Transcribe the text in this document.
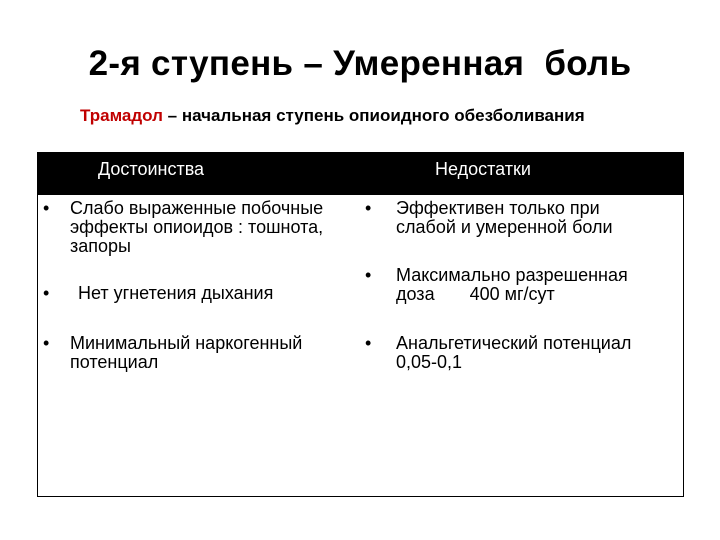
2-я ступень – Умеренная  боль
Трамадол – начальная ступень опиоидного обезболивания
Достоинства	Недостатки
• Слабо выраженные побочные
эффекты опиоидов : тошнота,
запоры
• Нет угнетения дыхания
• Минимальный наркогенный
потенциал
• Эффективен только при
слабой и умеренной боли
• Максимально разрешенная
доза       400 мг/сут
• Анальгетический потенциал
0,05-0,1
